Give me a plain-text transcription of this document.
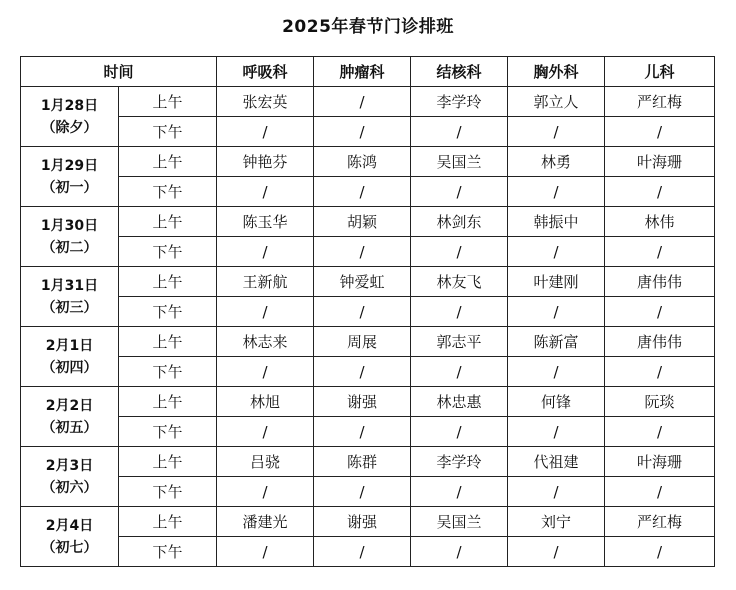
2025年春节门诊排班
时间		呼吸科	肿瘤科	结核科	胸外科	儿科

1月28日
（除夕）	上午	张宏英	/	李学玲	郭立人	严红梅
	下午	/	/	/	/	/

1月29日
（初一）	上午	钟艳芬	陈鸿	吴国兰	林勇	叶海珊
	下午	/	/	/	/	/

1月30日
（初二）	上午	陈玉华	胡颖	林剑东	韩振中	林伟
	下午	/	/	/	/	/

1月31日
（初三）	上午	王新航	钟爱虹	林友飞	叶建刚	唐伟伟
	下午	/	/	/	/	/

2月1日
（初四）	上午	林志来	周展	郭志平	陈新富	唐伟伟
	下午	/	/	/	/	/

2月2日
（初五）	上午	林旭	谢强	林忠惠	何锋	阮琰
	下午	/	/	/	/	/

2月3日
（初六）	上午	吕骁	陈群	李学玲	代祖建	叶海珊
	下午	/	/	/	/	/

2月4日
（初七）	上午	潘建光	谢强	吴国兰	刘宁	严红梅
	下午	/	/	/	/	/
